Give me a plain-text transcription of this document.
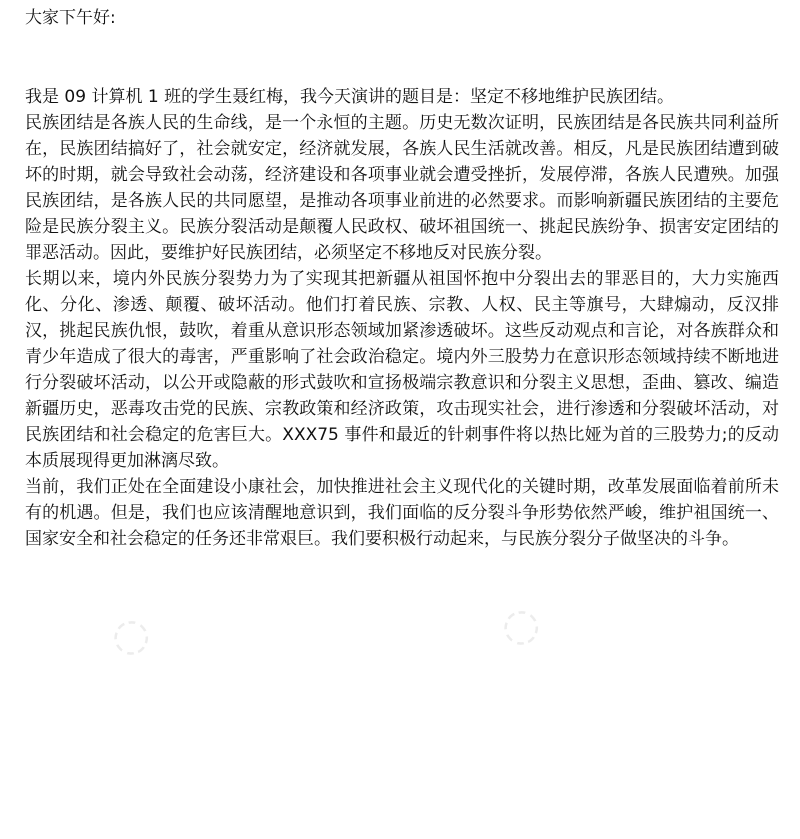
大家下午好:

我是 09 计算机 1 班的学生聂红梅，我今天演讲的题目是：坚定不移地维护民族团结。

民族团结是各族人民的生命线，是一个永恒的主题。历史无数次证明，民族团结是各民族共同利益所在，民族团结搞好了，社会就安定，经济就发展，各族人民生活就改善。相反，凡是民族团结遭到破坏的时期，就会导致社会动荡，经济建设和各项事业就会遭受挫折，发展停滞，各族人民遭殃。加强民族团结，是各族人民的共同愿望，是推动各项事业前进的必然要求。而影响新疆民族团结的主要危险是民族分裂主义。民族分裂活动是颠覆人民政权、破坏祖国统一、挑起民族纷争、损害安定团结的罪恶活动。因此，要维护好民族团结，必须坚定不移地反对民族分裂。

长期以来，境内外民族分裂势力为了实现其把新疆从祖国怀抱中分裂出去的罪恶目的，大力实施西化、分化、渗透、颠覆、破坏活动。他们打着民族、宗教、人权、民主等旗号，大肆煽动，反汉排汉，挑起民族仇恨，鼓吹，着重从意识形态领域加紧渗透破坏。这些反动观点和言论，对各族群众和青少年造成了很大的毒害，严重影响了社会政治稳定。境内外三股势力在意识形态领域持续不断地进行分裂破坏活动，以公开或隐蔽的形式鼓吹和宣扬极端宗教意识和分裂主义思想，歪曲、篡改、编造新疆历史，恶毒攻击党的民族、宗教政策和经济政策，攻击现实社会，进行渗透和分裂破坏活动，对民族团结和社会稳定的危害巨大。XXX75 事件和最近的针刺事件将以热比娅为首的三股势力;的反动本质展现得更加淋漓尽致。

当前，我们正处在全面建设小康社会，加快推进社会主义现代化的关键时期，改革发展面临着前所未有的机遇。但是，我们也应该清醒地意识到，我们面临的反分裂斗争形势依然严峻，维护祖国统一、国家安全和社会稳定的任务还非常艰巨。我们要积极行动起来，与民族分裂分子做坚决的斗争。

◌	◌
